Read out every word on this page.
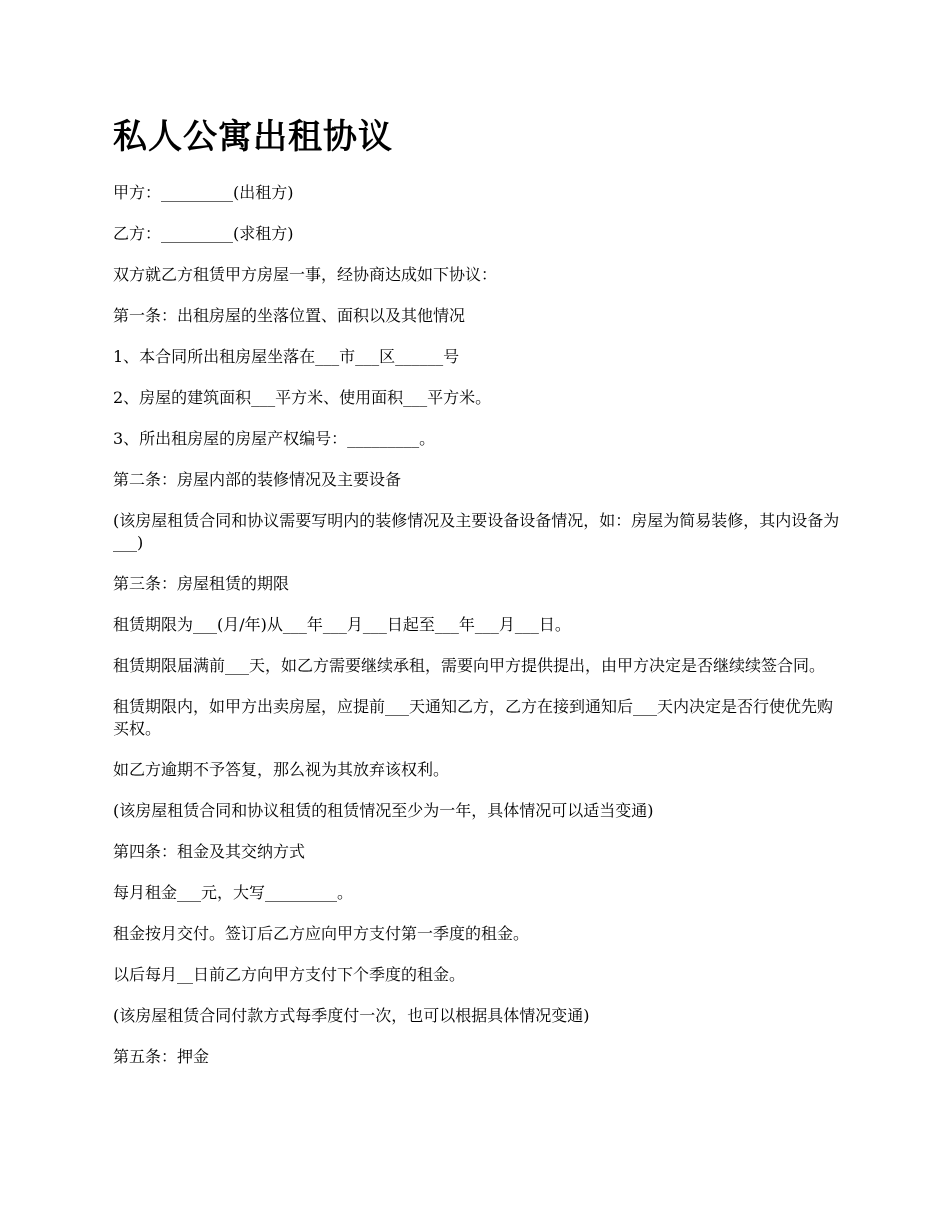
私人公寓出租协议

甲方：_________(出租方)

乙方：_________(求租方)

双方就乙方租赁甲方房屋一事，经协商达成如下协议：

第一条：出租房屋的坐落位置、面积以及其他情况

1、本合同所出租房屋坐落在___市___区______号

2、房屋的建筑面积___平方米、使用面积___平方米。

3、所出租房屋的房屋产权编号：_________。

第二条：房屋内部的装修情况及主要设备

(该房屋租赁合同和协议需要写明内的装修情况及主要设备设备情况，如：房屋为简易装修，其内设备为___)

第三条：房屋租赁的期限

租赁期限为___(月/年)从___年___月___日起至___年___月___日。

租赁期限届满前___天，如乙方需要继续承租，需要向甲方提供提出，由甲方决定是否继续续签合同。

租赁期限内，如甲方出卖房屋，应提前___天通知乙方，乙方在接到通知后___天内决定是否行使优先购买权。

如乙方逾期不予答复，那么视为其放弃该权利。

(该房屋租赁合同和协议租赁的租赁情况至少为一年，具体情况可以适当变通)

第四条：租金及其交纳方式

每月租金___元，大写_________。

租金按月交付。签订后乙方应向甲方支付第一季度的租金。

以后每月__日前乙方向甲方支付下个季度的租金。

(该房屋租赁合同付款方式每季度付一次，也可以根据具体情况变通)

第五条：押金
